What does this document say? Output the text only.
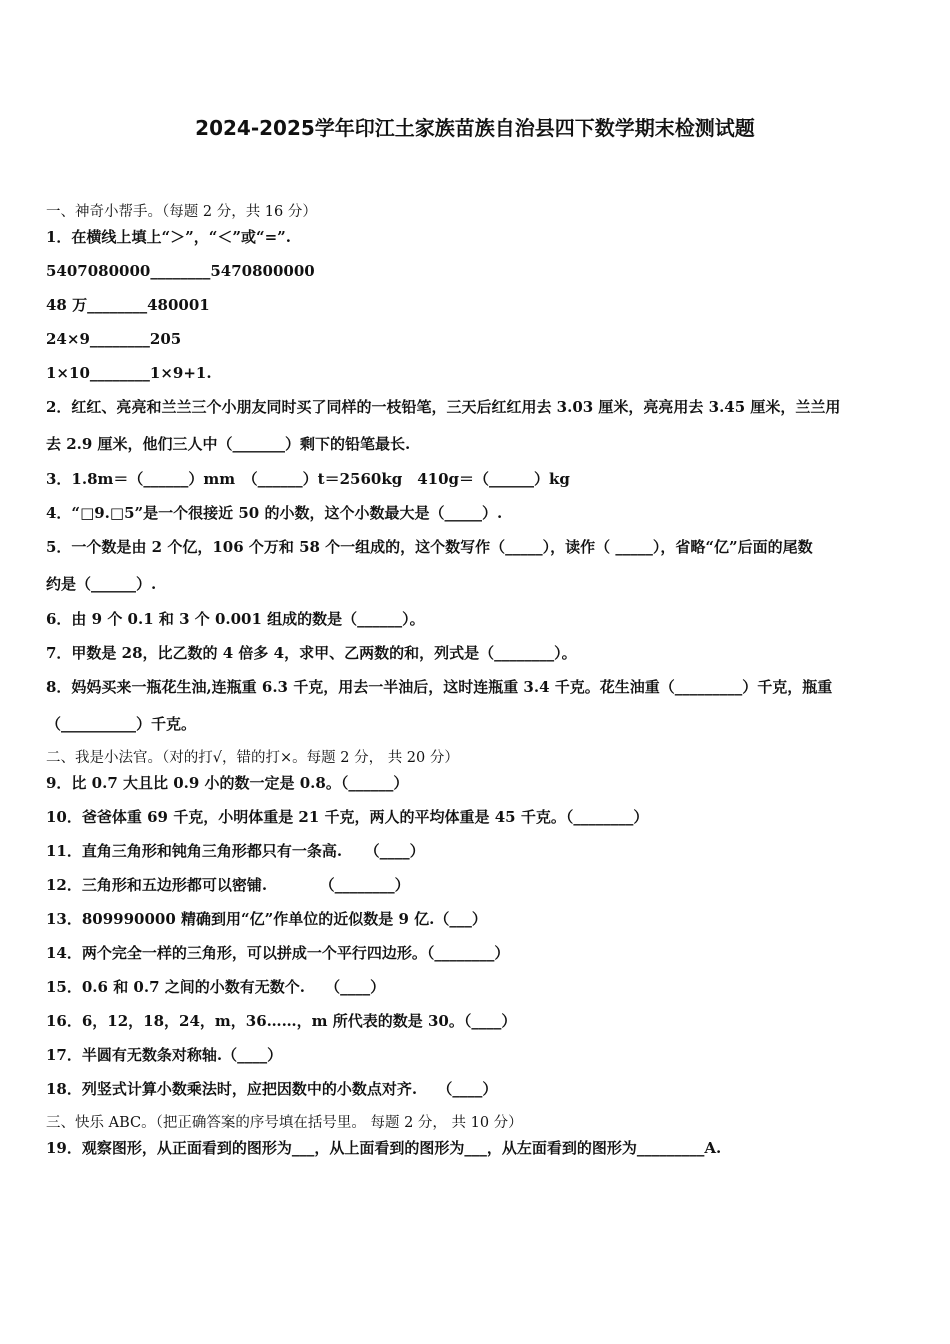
2024-2025学年印江土家族苗族自治县四下数学期末检测试题
一、神奇小帮手。（每题 2 分，共 16 分）
1．在横线上填上“＞”，“＜”或“=”.
5407080000________5470800000
48 万________480001
24×9________205
1×10________1×9+1.
2．红红、亮亮和兰兰三个小朋友同时买了同样的一枝铅笔，三天后红红用去 3.03 厘米，亮亮用去 3.45 厘米，兰兰用
去 2.9 厘米，他们三人中（_______）剩下的铅笔最长.
3．1.8m＝（______）mm　（______）t＝2560kg　410g＝（______）kg
4．“□9.□5”是一个很接近 50 的小数，这个小数最大是（_____）.
5．一个数是由 2 个亿，106 个万和 58 个一组成的，这个数写作（_____），读作（ _____），省略“亿”后面的尾数
约是（______）.
6．由 9 个 0.1 和 3 个 0.001 组成的数是（______）。
7．甲数是 28，比乙数的 4 倍多 4，求甲、乙两数的和，列式是（________）。
8．妈妈买来一瓶花生油,连瓶重 6.3 千克，用去一半油后，这时连瓶重 3.4 千克。花生油重（_________）千克，瓶重
（__________）千克。
二、我是小法官。（对的打√，错的打×。每题 2 分， 共 20 分）
9．比 0.7 大且比 0.9 小的数一定是 0.8。（______）
10．爸爸体重 69 千克，小明体重是 21 千克，两人的平均体重是 45 千克。（________）
11．直角三角形和钝角三角形都只有一条高.　　（____）
12．三角形和五边形都可以密铺.　　　　（________）
13．809990000 精确到用“亿”作单位的近似数是 9 亿.（___）
14．两个完全一样的三角形，可以拼成一个平行四边形。（________）
15．0.6 和 0.7 之间的小数有无数个.　 （____）
16．6，12，18，24，m，36……，m 所代表的数是 30。（____）
17．半圆有无数条对称轴.（____）
18．列竖式计算小数乘法时，应把因数中的小数点对齐.　 （____）
三、快乐 ABC。（把正确答案的序号填在括号里。 每题 2 分， 共 10 分）
19．观察图形，从正面看到的图形为___，从上面看到的图形为___，从左面看到的图形为_________A.
